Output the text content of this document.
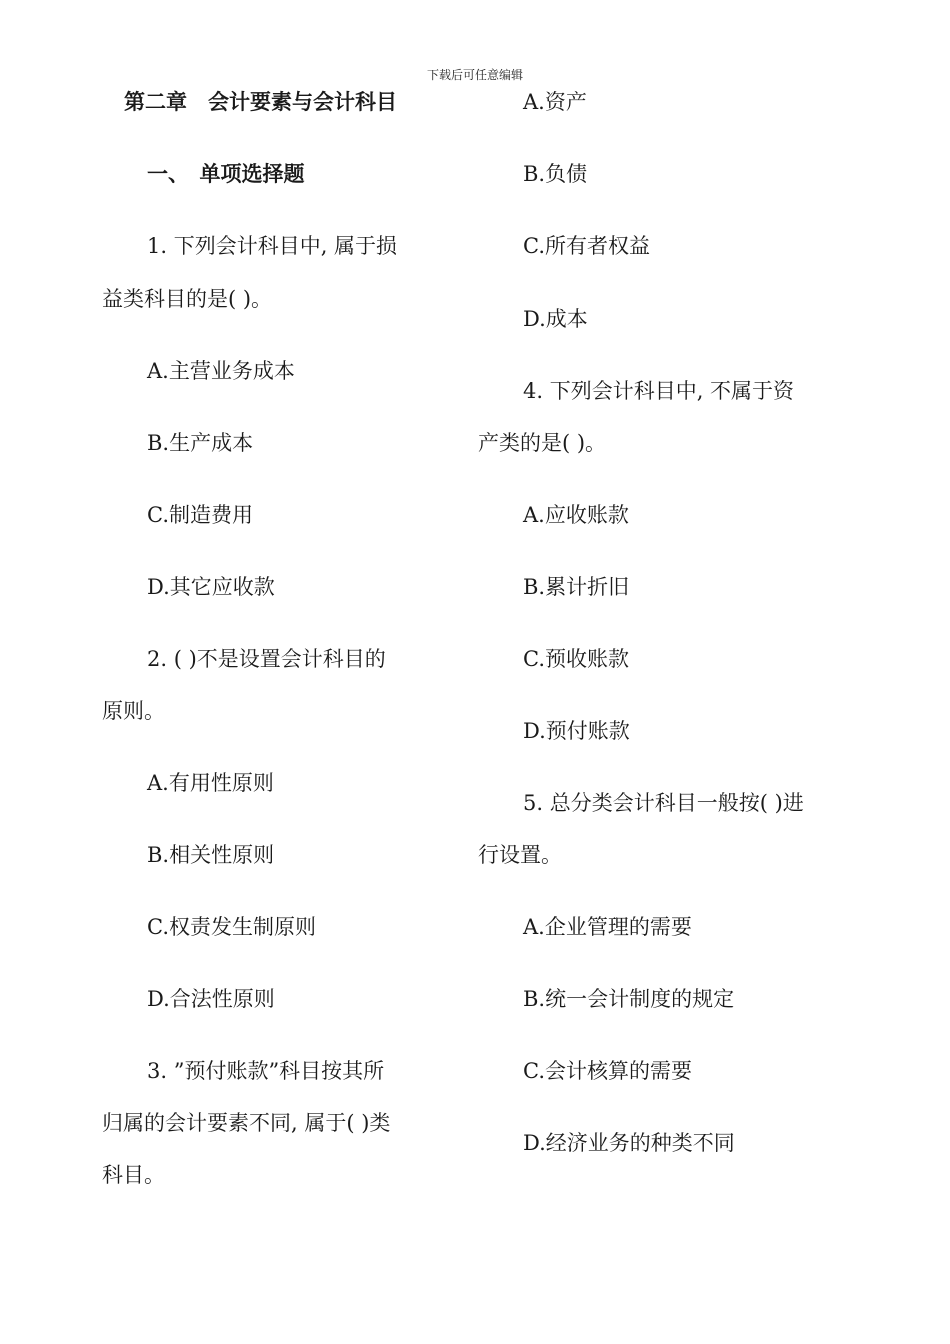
下载后可任意编辑
第二章　会计要素与会计科目
一、　单项选择题
1. 下列会计科目中, 属于损
益类科目的是( )。
A.主营业务成本
B.生产成本
C.制造费用
D.其它应收款
2. ( )不是设置会计科目的
原则。
A.有用性原则
B.相关性原则
C.权责发生制原则
D.合法性原则
3. ”预付账款”科目按其所
归属的会计要素不同, 属于( )类
科目。
A.资产
B.负债
C.所有者权益
D.成本
4. 下列会计科目中, 不属于资
产类的是( )。
A.应收账款
B.累计折旧
C.预收账款
D.预付账款
5. 总分类会计科目一般按( )进
行设置。
A.企业管理的需要
B.统一会计制度的规定
C.会计核算的需要
D.经济业务的种类不同
